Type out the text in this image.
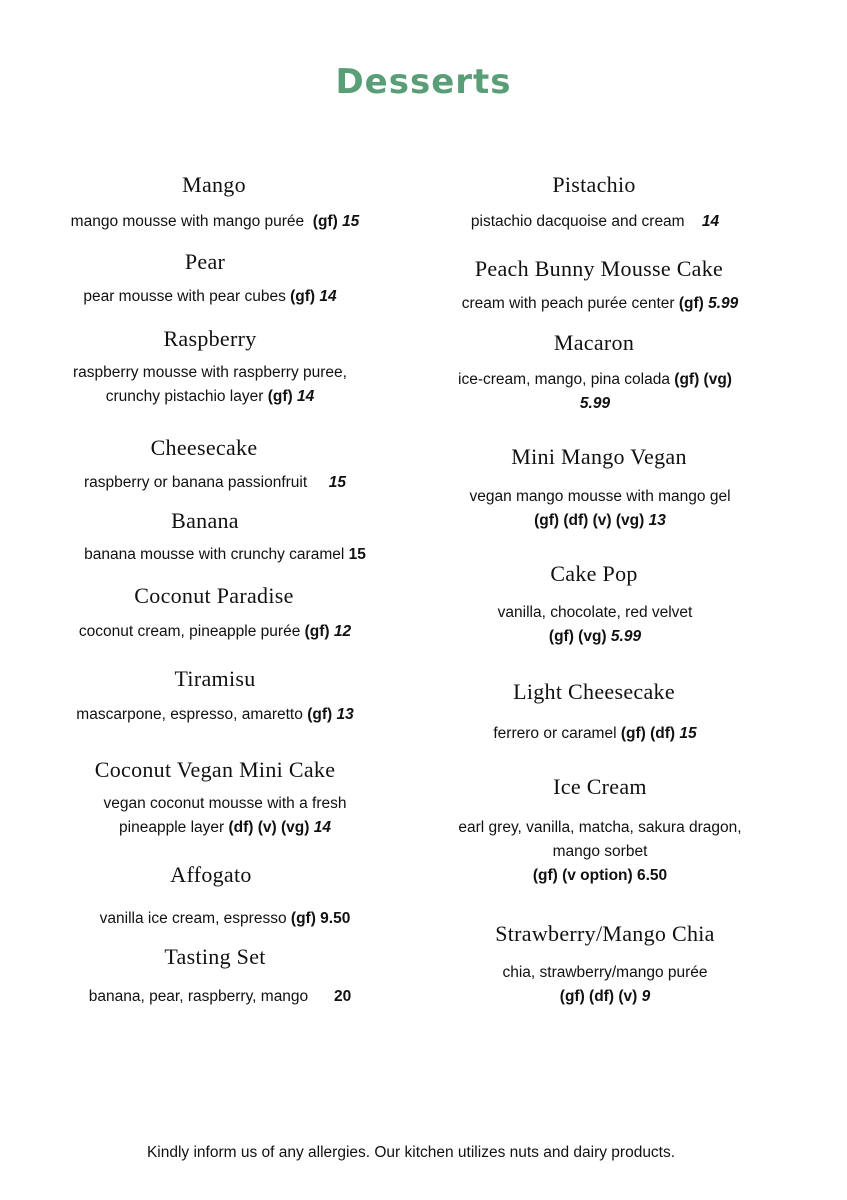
Desserts
Mango
mango mousse with mango purée (gf) 15
Pear
pear mousse with pear cubes (gf) 14
Raspberry
raspberry mousse with raspberry puree,
crunchy pistachio layer (gf) 14
Cheesecake
raspberry or banana passionfruit 15
Banana
banana mousse with crunchy caramel 15
Coconut Paradise
coconut cream, pineapple purée (gf) 12
Tiramisu
mascarpone, espresso, amaretto (gf) 13
Coconut Vegan Mini Cake
vegan coconut mousse with a fresh
pineapple layer (df) (v) (vg) 14
Affogato
vanilla ice cream, espresso (gf) 9.50
Tasting Set
banana, pear, raspberry, mango 20
Pistachio
pistachio dacquoise and cream 14
Peach Bunny Mousse Cake
cream with peach purée center (gf) 5.99
Macaron
ice-cream, mango, pina colada (gf) (vg)
5.99
Mini Mango Vegan
vegan mango mousse with mango gel
(gf) (df) (v) (vg) 13
Cake Pop
vanilla, chocolate, red velvet
(gf) (vg) 5.99
Light Cheesecake
ferrero or caramel (gf) (df) 15
Ice Cream
earl grey, vanilla, matcha, sakura dragon,
mango sorbet
(gf) (v option) 6.50
Strawberry/Mango Chia
chia, strawberry/mango purée
(gf) (df) (v) 9
Kindly inform us of any allergies. Our kitchen utilizes nuts and dairy products.
